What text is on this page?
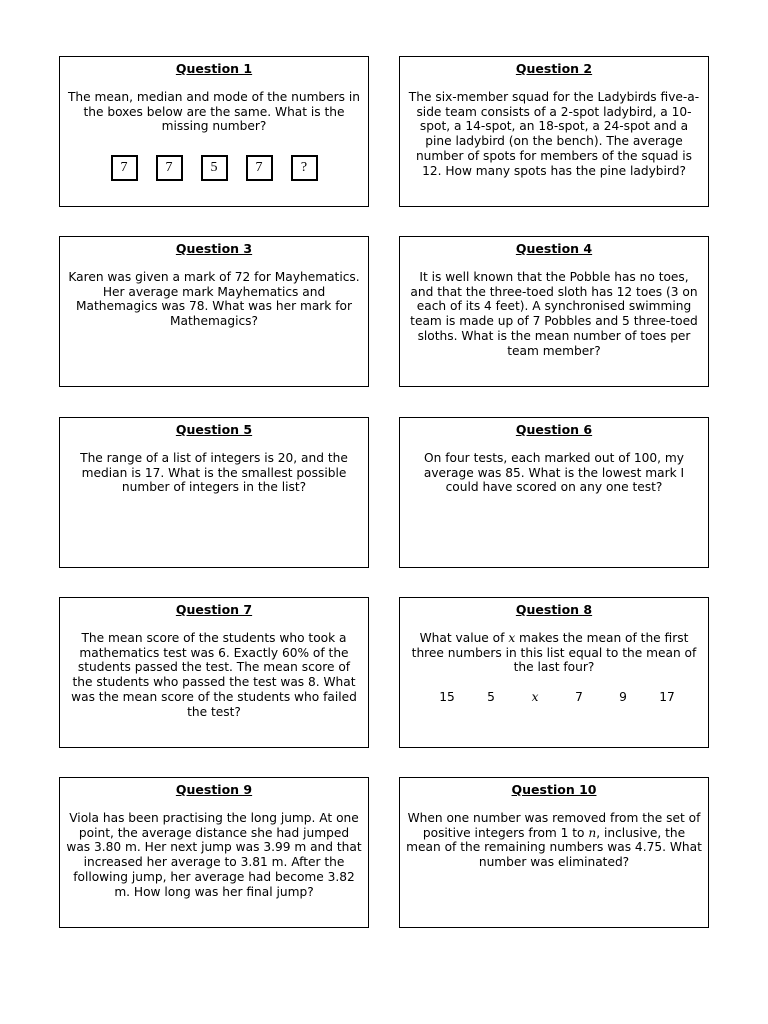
Question 1

The mean, median and mode of the numbers in the boxes below are the same. What is the missing number?

7	7	5	7	?
Question 2

The six-member squad for the Ladybirds five-a-side team consists of a 2-spot ladybird, a 10-spot, a 14-spot, an 18-spot, a 24-spot and a pine ladybird (on the bench). The average number of spots for members of the squad is 12. How many spots has the pine ladybird?

Question 3

Karen was given a mark of 72 for Mayhematics. Her average mark Mayhematics and Mathemagics was 78. What was her mark for Mathemagics?

Question 4

It is well known that the Pobble has no toes, and that the three-toed sloth has 12 toes (3 on each of its 4 feet). A synchronised swimming team is made up of 7 Pobbles and 5 three-toed sloths. What is the mean number of toes per team member?

Question 5

The range of a list of integers is 20, and the median is 17. What is the smallest possible number of integers in the list?

Question 6

On four tests, each marked out of 100, my average was 85. What is the lowest mark I could have scored on any one test?

Question 7

The mean score of the students who took a mathematics test was 6. Exactly 60% of the students passed the test. The mean score of the students who passed the test was 8. What was the mean score of the students who failed the test?

Question 8

What value of x makes the mean of the first three numbers in this list equal to the mean of the last four?

15	5	x	7	9	17
Question 9

Viola has been practising the long jump. At one point, the average distance she had jumped was 3.80 m. Her next jump was 3.99 m and that increased her average to 3.81 m. After the following jump, her average had become 3.82 m. How long was her final jump?

Question 10

When one number was removed from the set of positive integers from 1 to n, inclusive, the mean of the remaining numbers was 4.75. What number was eliminated?
